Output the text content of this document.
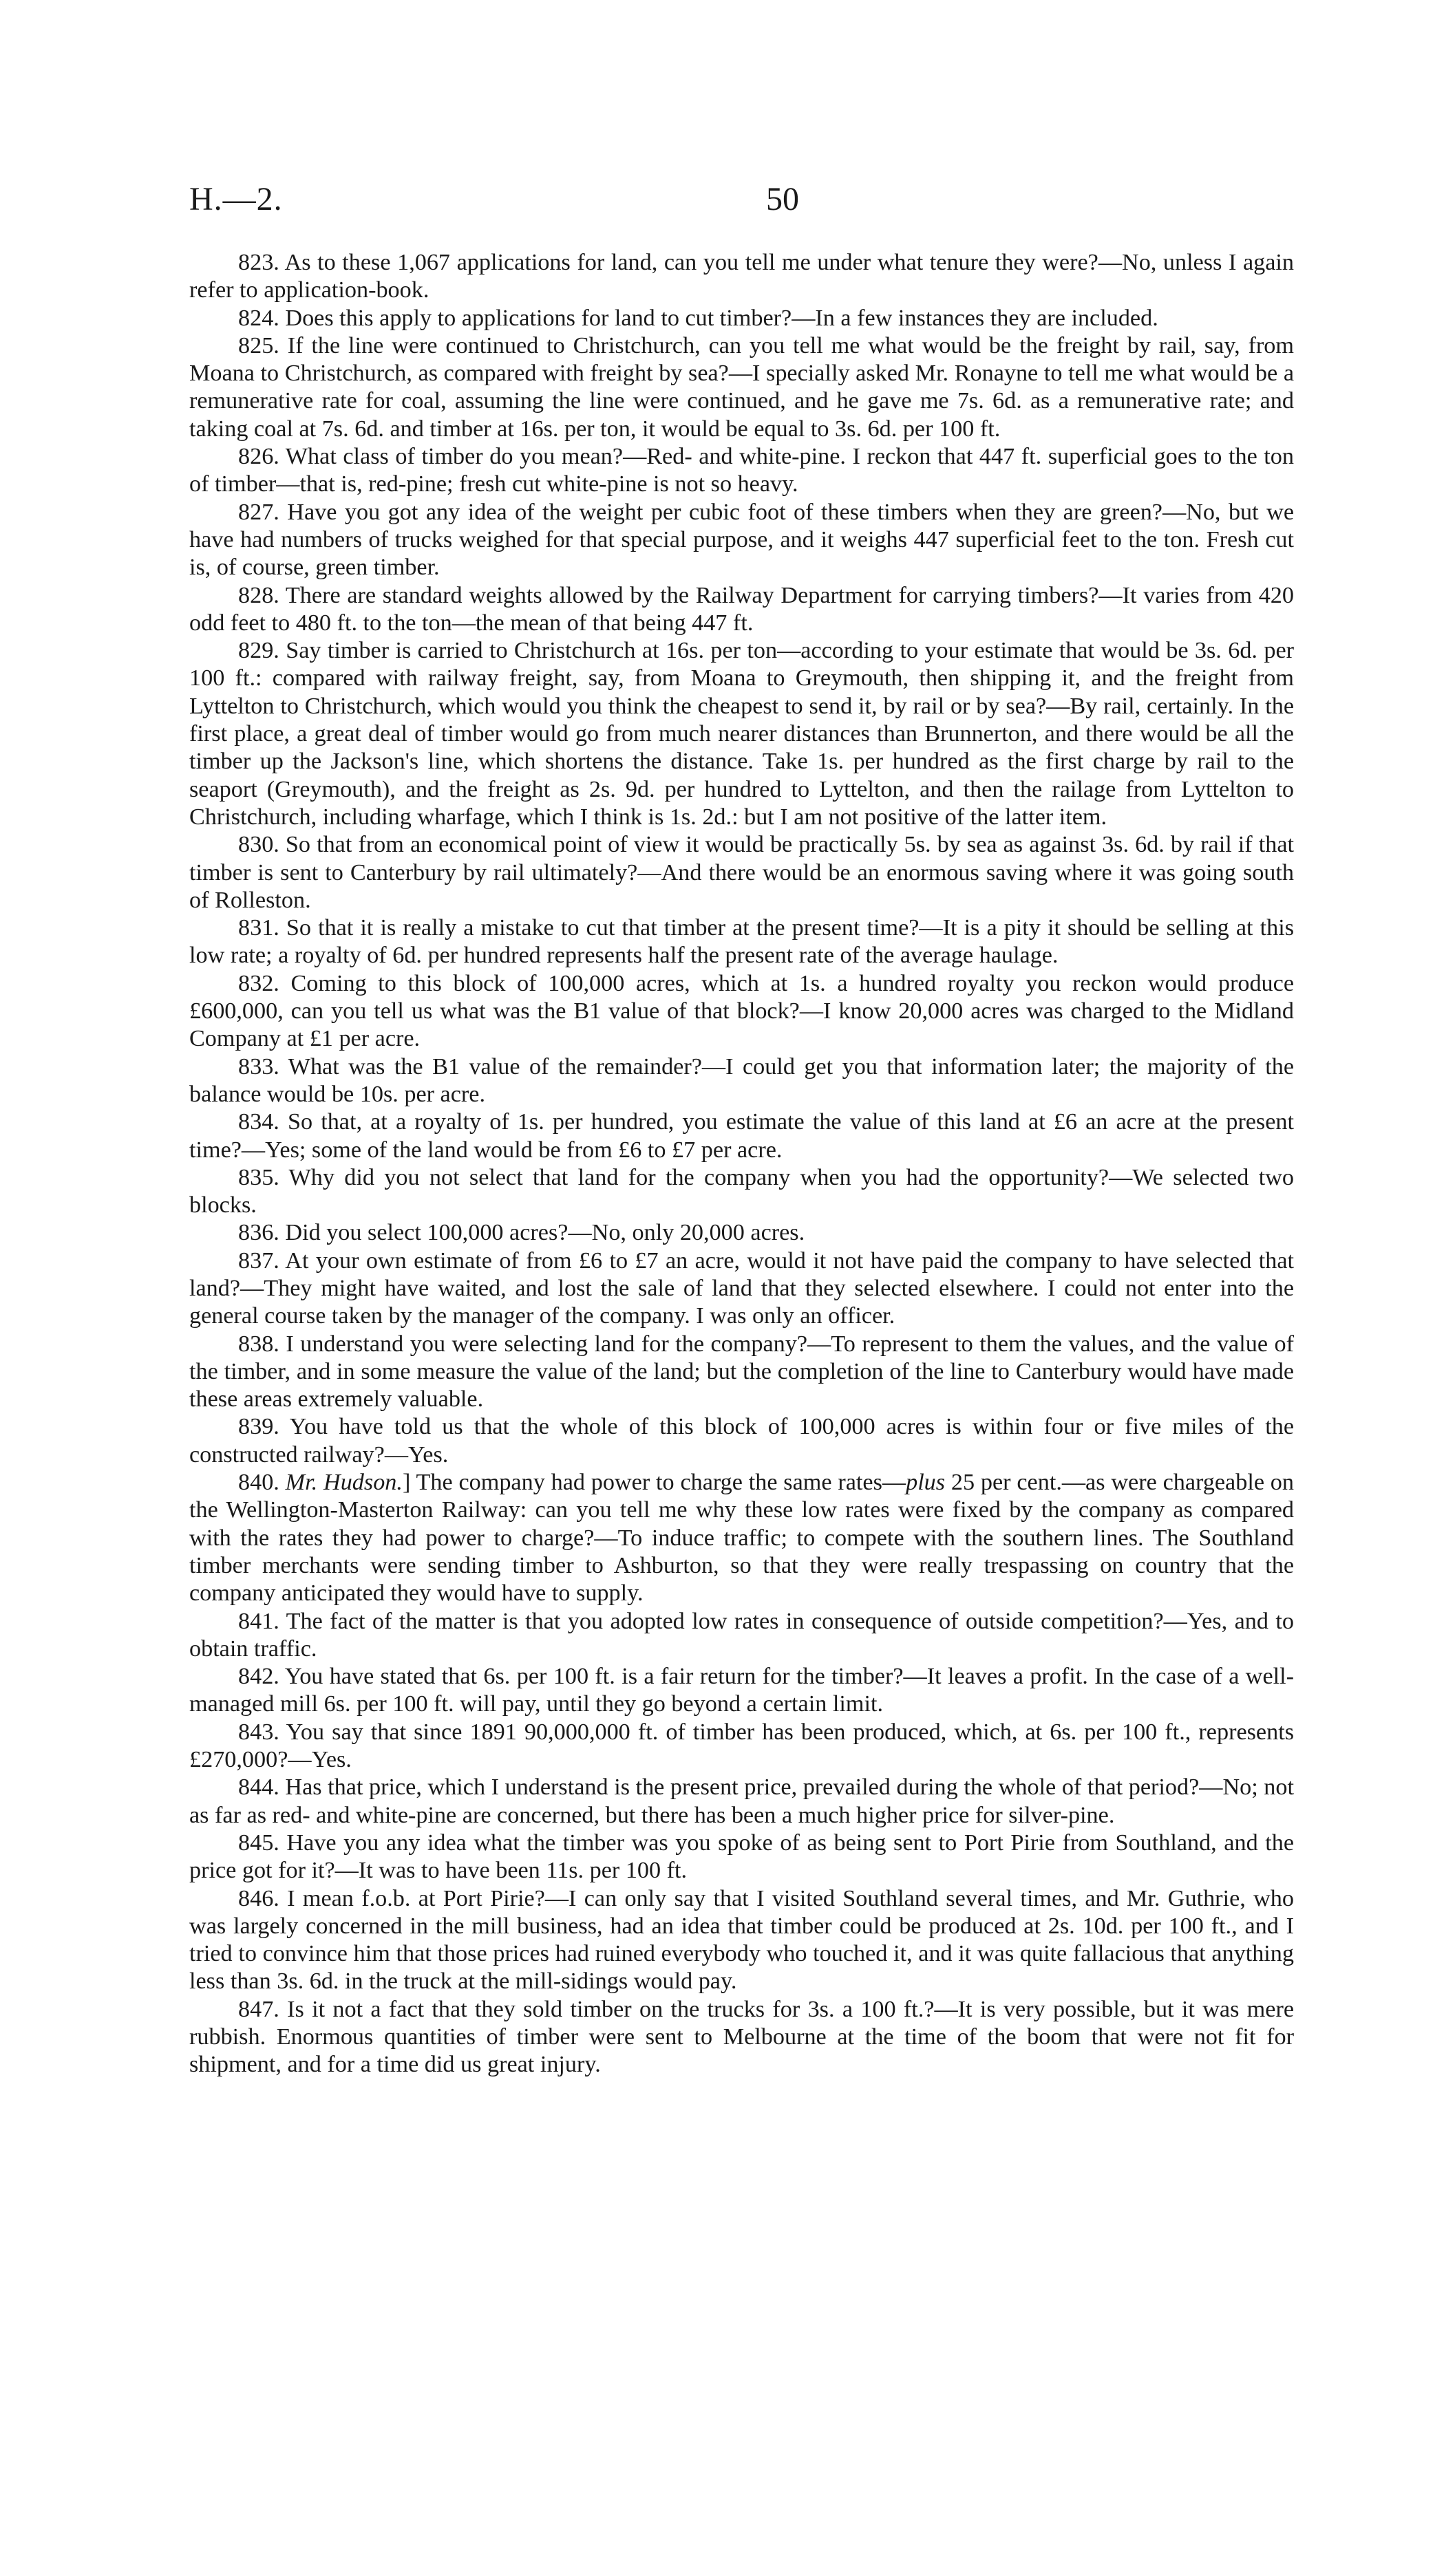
H.—2.	50

823. As to these 1,067 applications for land, can you tell me under what tenure they were?—No, unless I again refer to application-book.

824. Does this apply to applications for land to cut timber?—In a few instances they are included.

825. If the line were continued to Christchurch, can you tell me what would be the freight by rail, say, from Moana to Christchurch, as compared with freight by sea?—I specially asked Mr. Ronayne to tell me what would be a remunerative rate for coal, assuming the line were continued, and he gave me 7s. 6d. as a remunerative rate; and taking coal at 7s. 6d. and timber at 16s. per ton, it would be equal to 3s. 6d. per 100 ft.

826. What class of timber do you mean?—Red- and white-pine. I reckon that 447 ft. superficial goes to the ton of timber—that is, red-pine; fresh cut white-pine is not so heavy.

827. Have you got any idea of the weight per cubic foot of these timbers when they are green?—No, but we have had numbers of trucks weighed for that special purpose, and it weighs 447 superficial feet to the ton. Fresh cut is, of course, green timber.

828. There are standard weights allowed by the Railway Department for carrying timbers?—It varies from 420 odd feet to 480 ft. to the ton—the mean of that being 447 ft.

829. Say timber is carried to Christchurch at 16s. per ton—according to your estimate that would be 3s. 6d. per 100 ft.: compared with railway freight, say, from Moana to Greymouth, then shipping it, and the freight from Lyttelton to Christchurch, which would you think the cheapest to send it, by rail or by sea?—By rail, certainly. In the first place, a great deal of timber would go from much nearer distances than Brunnerton, and there would be all the timber up the Jackson's line, which shortens the distance. Take 1s. per hundred as the first charge by rail to the seaport (Greymouth), and the freight as 2s. 9d. per hundred to Lyttelton, and then the railage from Lyttelton to Christchurch, including wharfage, which I think is 1s. 2d.: but I am not positive of the latter item.

830. So that from an economical point of view it would be practically 5s. by sea as against 3s. 6d. by rail if that timber is sent to Canterbury by rail ultimately?—And there would be an enormous saving where it was going south of Rolleston.

831. So that it is really a mistake to cut that timber at the present time?—It is a pity it should be selling at this low rate; a royalty of 6d. per hundred represents half the present rate of the average haulage.

832. Coming to this block of 100,000 acres, which at 1s. a hundred royalty you reckon would produce £600,000, can you tell us what was the B1 value of that block?—I know 20,000 acres was charged to the Midland Company at £1 per acre.

833. What was the B1 value of the remainder?—I could get you that information later; the majority of the balance would be 10s. per acre.

834. So that, at a royalty of 1s. per hundred, you estimate the value of this land at £6 an acre at the present time?—Yes; some of the land would be from £6 to £7 per acre.

835. Why did you not select that land for the company when you had the opportunity?—We selected two blocks.

836. Did you select 100,000 acres?—No, only 20,000 acres.

837. At your own estimate of from £6 to £7 an acre, would it not have paid the company to have selected that land?—They might have waited, and lost the sale of land that they selected elsewhere. I could not enter into the general course taken by the manager of the company. I was only an officer.

838. I understand you were selecting land for the company?—To represent to them the values, and the value of the timber, and in some measure the value of the land; but the completion of the line to Canterbury would have made these areas extremely valuable.

839. You have told us that the whole of this block of 100,000 acres is within four or five miles of the constructed railway?—Yes.

840. Mr. Hudson.] The company had power to charge the same rates—plus 25 per cent.—as were chargeable on the Wellington-Masterton Railway: can you tell me why these low rates were fixed by the company as compared with the rates they had power to charge?—To induce traffic; to compete with the southern lines. The Southland timber merchants were sending timber to Ashburton, so that they were really trespassing on country that the company anticipated they would have to supply.

841. The fact of the matter is that you adopted low rates in consequence of outside competition?—Yes, and to obtain traffic.

842. You have stated that 6s. per 100 ft. is a fair return for the timber?—It leaves a profit. In the case of a well-managed mill 6s. per 100 ft. will pay, until they go beyond a certain limit.

843. You say that since 1891 90,000,000 ft. of timber has been produced, which, at 6s. per 100 ft., represents £270,000?—Yes.

844. Has that price, which I understand is the present price, prevailed during the whole of that period?—No; not as far as red- and white-pine are concerned, but there has been a much higher price for silver-pine.

845. Have you any idea what the timber was you spoke of as being sent to Port Pirie from Southland, and the price got for it?—It was to have been 11s. per 100 ft.

846. I mean f.o.b. at Port Pirie?—I can only say that I visited Southland several times, and Mr. Guthrie, who was largely concerned in the mill business, had an idea that timber could be produced at 2s. 10d. per 100 ft., and I tried to convince him that those prices had ruined everybody who touched it, and it was quite fallacious that anything less than 3s. 6d. in the truck at the mill-sidings would pay.

847. Is it not a fact that they sold timber on the trucks for 3s. a 100 ft.?—It is very possible, but it was mere rubbish. Enormous quantities of timber were sent to Melbourne at the time of the boom that were not fit for shipment, and for a time did us great injury.
